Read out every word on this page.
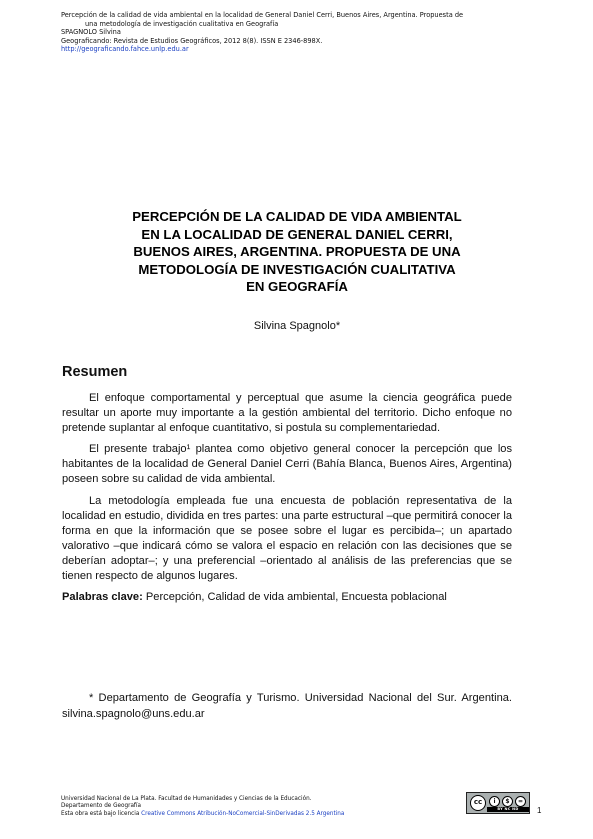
Percepción de la calidad de vida ambiental en la localidad de General Daniel Cerri, Buenos Aires, Argentina. Propuesta de
una metodología de investigación cualitativa en Geografía
SPAGNOLO Silvina
Geograficando: Revista de Estudios Geográficos, 2012 8(8). ISSN E 2346-898X.
http://geograficando.fahce.unlp.edu.ar
PERCEPCIÓN DE LA CALIDAD DE VIDA AMBIENTAL
EN LA LOCALIDAD DE GENERAL DANIEL CERRI,
BUENOS AIRES, ARGENTINA. PROPUESTA DE UNA
METODOLOGÍA DE INVESTIGACIÓN CUALITATIVA
EN GEOGRAFÍA
Silvina Spagnolo*
Resumen

El enfoque comportamental y perceptual que asume la ciencia geográfica puede resultar un aporte muy importante a la gestión ambiental del territorio. Dicho enfoque no pretende suplantar al enfoque cuantitativo, si postula su complementariedad.

El presente trabajo¹ plantea como objetivo general conocer la percepción que los habitantes de la localidad de General Daniel Cerri (Bahía Blanca, Buenos Aires, Argentina) poseen sobre su calidad de vida ambiental.

La metodología empleada fue una encuesta de población representativa de la localidad en estudio, dividida en tres partes: una parte estructural –que permitirá conocer la forma en que la información que se posee sobre el lugar es percibida–; un apartado valorativo –que indicará cómo se valora el espacio en relación con las decisiones que se deberían adoptar–; y una preferencial –orientado al análisis de las preferencias que se tienen respecto de algunos lugares.

Palabras clave: Percepción, Calidad de vida ambiental, Encuesta poblacional

* Departamento de Geografía y Turismo. Universidad Nacional del Sur. Argentina. silvina.spagnolo@uns.edu.ar

Universidad Nacional de La Plata. Facultad de Humanidades y Ciencias de la Educación.
Departamento de Geografía
Esta obra está bajo licencia Creative Commons Atribución-NoComercial-SinDerivadas 2.5 Argentina
cc	i	$	=
BY NC ND	1
